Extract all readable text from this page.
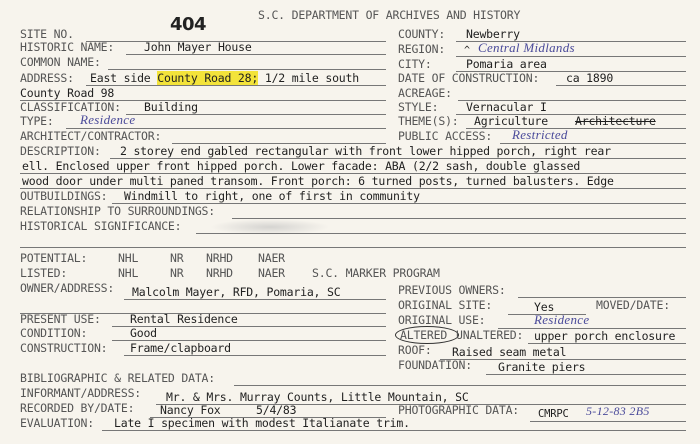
S.C. DEPARTMENT OF ARCHIVES AND HISTORY
404
SITE NO.
HISTORIC NAME:	John Mayer House
COMMON NAME:
ADDRESS: East side County Road 28; 1/2 mile south
County Road 98
CLASSIFICATION: Building
TYPE: Residence
ARCHITECT/CONTRACTOR:
COUNTY: Newberry
REGION: ^ Central Midlands
CITY:	Pomaria area
DATE OF CONSTRUCTION: ca 1890
ACREAGE:
STYLE: Vernacular I
THEME(S): Agriculture Architecture
PUBLIC ACCESS: Restricted
DESCRIPTION: 2 storey end gabled rectangular with front lower hipped porch, right rear
ell. Enclosed upper front hipped porch. Lower facade: ABA (2/2 sash, double glassed
wood door under multi paned transom. Front porch: 6 turned posts, turned balusters. Edge
OUTBUILDINGS: Windmill to right, one of first in community
RELATIONSHIP TO SURROUNDINGS:
HISTORICAL SIGNIFICANCE:
POTENTIAL:	NHL	NR NRHD NAER
LISTED:	NHL	NR NRHD NAER S.C. MARKER PROGRAM
OWNER/ADDRESS: Malcolm Mayer, RFD, Pomaria, SC	PREVIOUS OWNERS:
ORIGINAL SITE:	Yes	MOVED/DATE:
ORIGINAL USE:	Residence
PRESENT USE:	Rental Residence
CONDITION:	Good	ALTERED UNALTERED: upper porch enclosure
CONSTRUCTION: Frame/clapboard	ROOF: Raised seam metal
FOUNDATION: Granite piers
BIBLIOGRAPHIC & RELATED DATA:
INFORMANT/ADDRESS: Mr. & Mrs. Murray Counts, Little Mountain, SC
RECORDED BY/DATE: Nancy Fox	5/4/83	PHOTOGRAPHIC DATA: CMRPC 5-12-83 2B5
EVALUATION: Late I specimen with modest Italianate trim.
